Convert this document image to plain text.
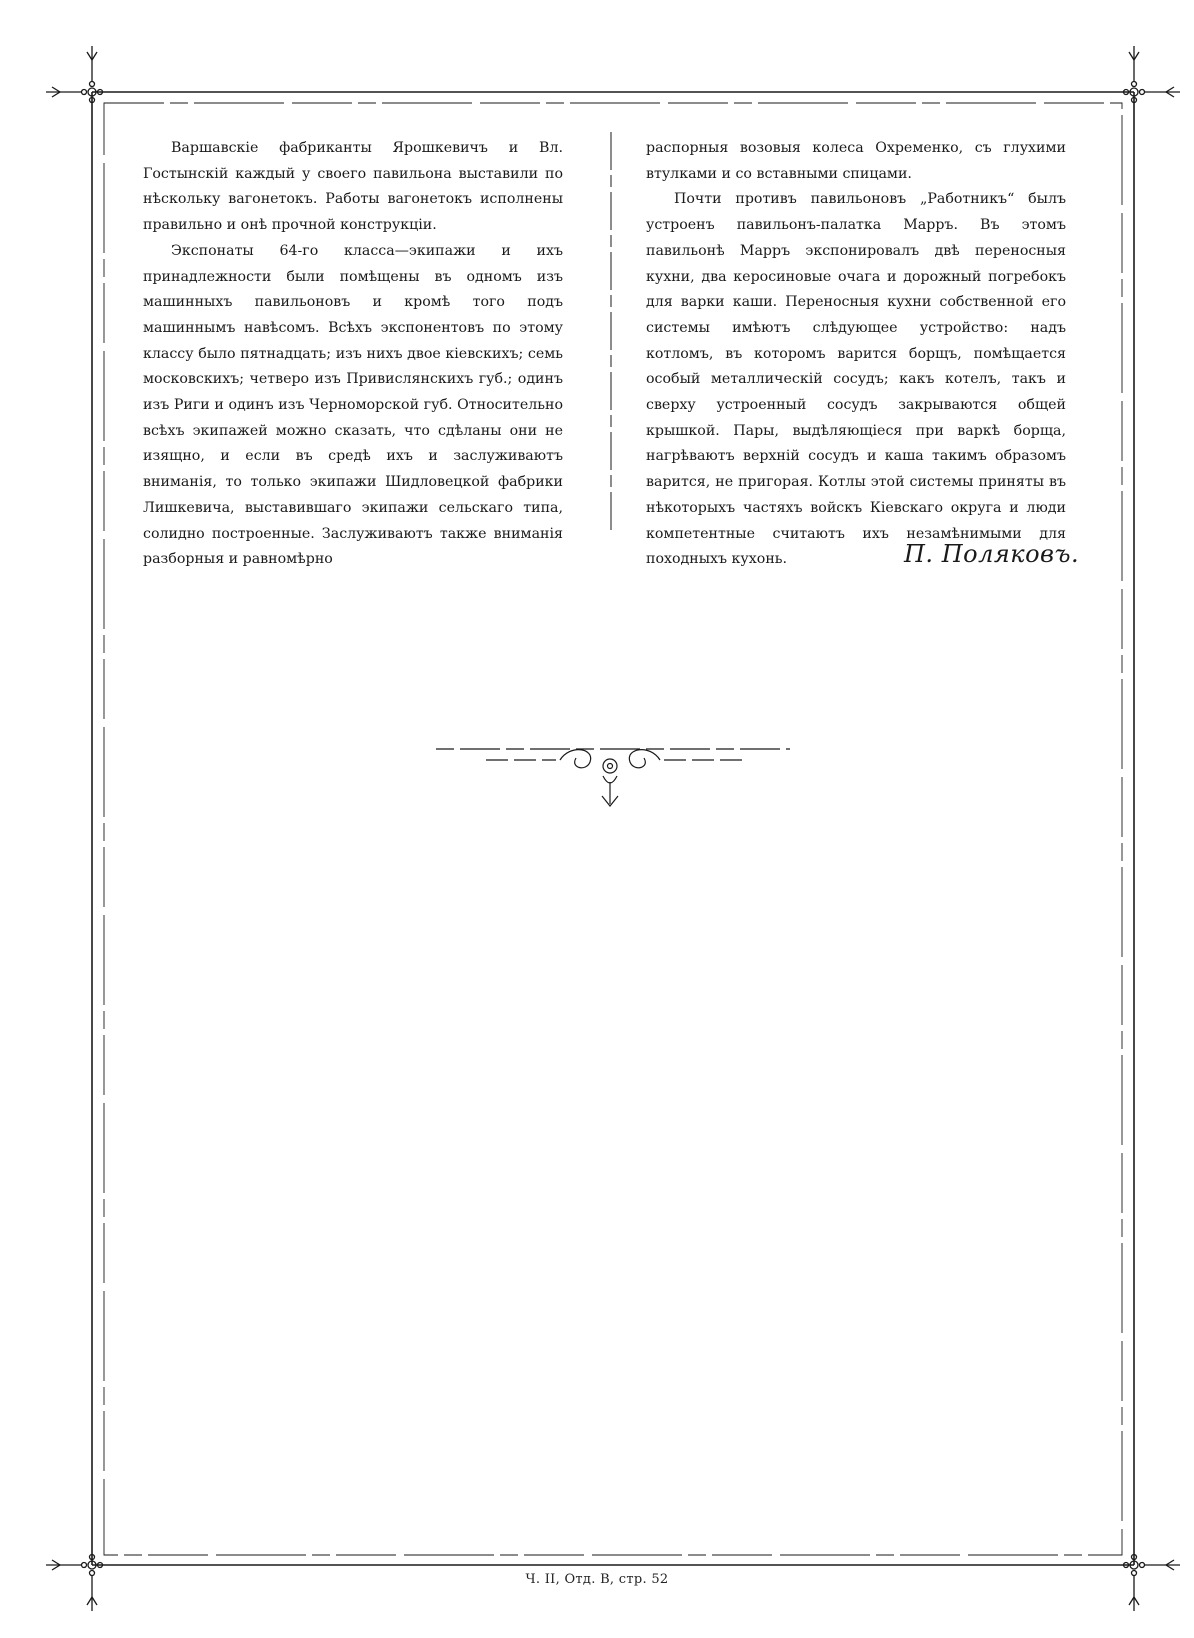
Варшавскіе фабриканты Ярошкевичъ и Вл. Гостынскій каждый у своего павильона выставили по нѣскольку вагонетокъ. Работы вагонетокъ исполнены правильно и онѣ прочной конструкціи.

Экспонаты 64-го класса—экипажи и ихъ принадлежности были помѣщены въ одномъ изъ машинныхъ павильоновъ и кромѣ того подъ машиннымъ навѣсомъ. Всѣхъ экспонентовъ по этому классу было пятнадцать; изъ нихъ двое кіевскихъ; семь московскихъ; четверо изъ Привислянскихъ губ.; одинъ изъ Риги и одинъ изъ Черноморской губ. Относительно всѣхъ экипажей можно сказать, что сдѣланы они не изящно, и если въ средѣ ихъ и заслуживаютъ вниманія, то только экипажи Шидловецкой фабрики Лишкевича, выставившаго экипажи сельскаго типа, солидно построенные. Заслуживаютъ также вниманія разборныя и равномѣрно

распорныя возовыя колеса Охременко, съ глухими втулками и со вставными спицами.

Почти противъ павильоновъ „Работникъ“ былъ устроенъ павильонъ-палатка Марръ. Въ этомъ павильонѣ Марръ экспонировалъ двѣ переносныя кухни, два керосиновые очага и дорожный погребокъ для варки каши. Переносныя кухни собственной его системы имѣютъ слѣдующее устройство: надъ котломъ, въ которомъ варится борщъ, помѣщается особый металлическій сосудъ; какъ котелъ, такъ и сверху устроенный сосудъ закрываются общей крышкой. Пары, выдѣляющіеся при варкѣ борща, нагрѣваютъ верхній сосудъ и каша такимъ образомъ варится, не пригорая. Котлы этой системы приняты въ нѣкоторыхъ частяхъ войскъ Кіевскаго округа и люди компетентные считаютъ ихъ незамѣнимыми для походныхъ кухонь.	П. Поляковъ.
Ч. II, Отд. В, стр. 52
